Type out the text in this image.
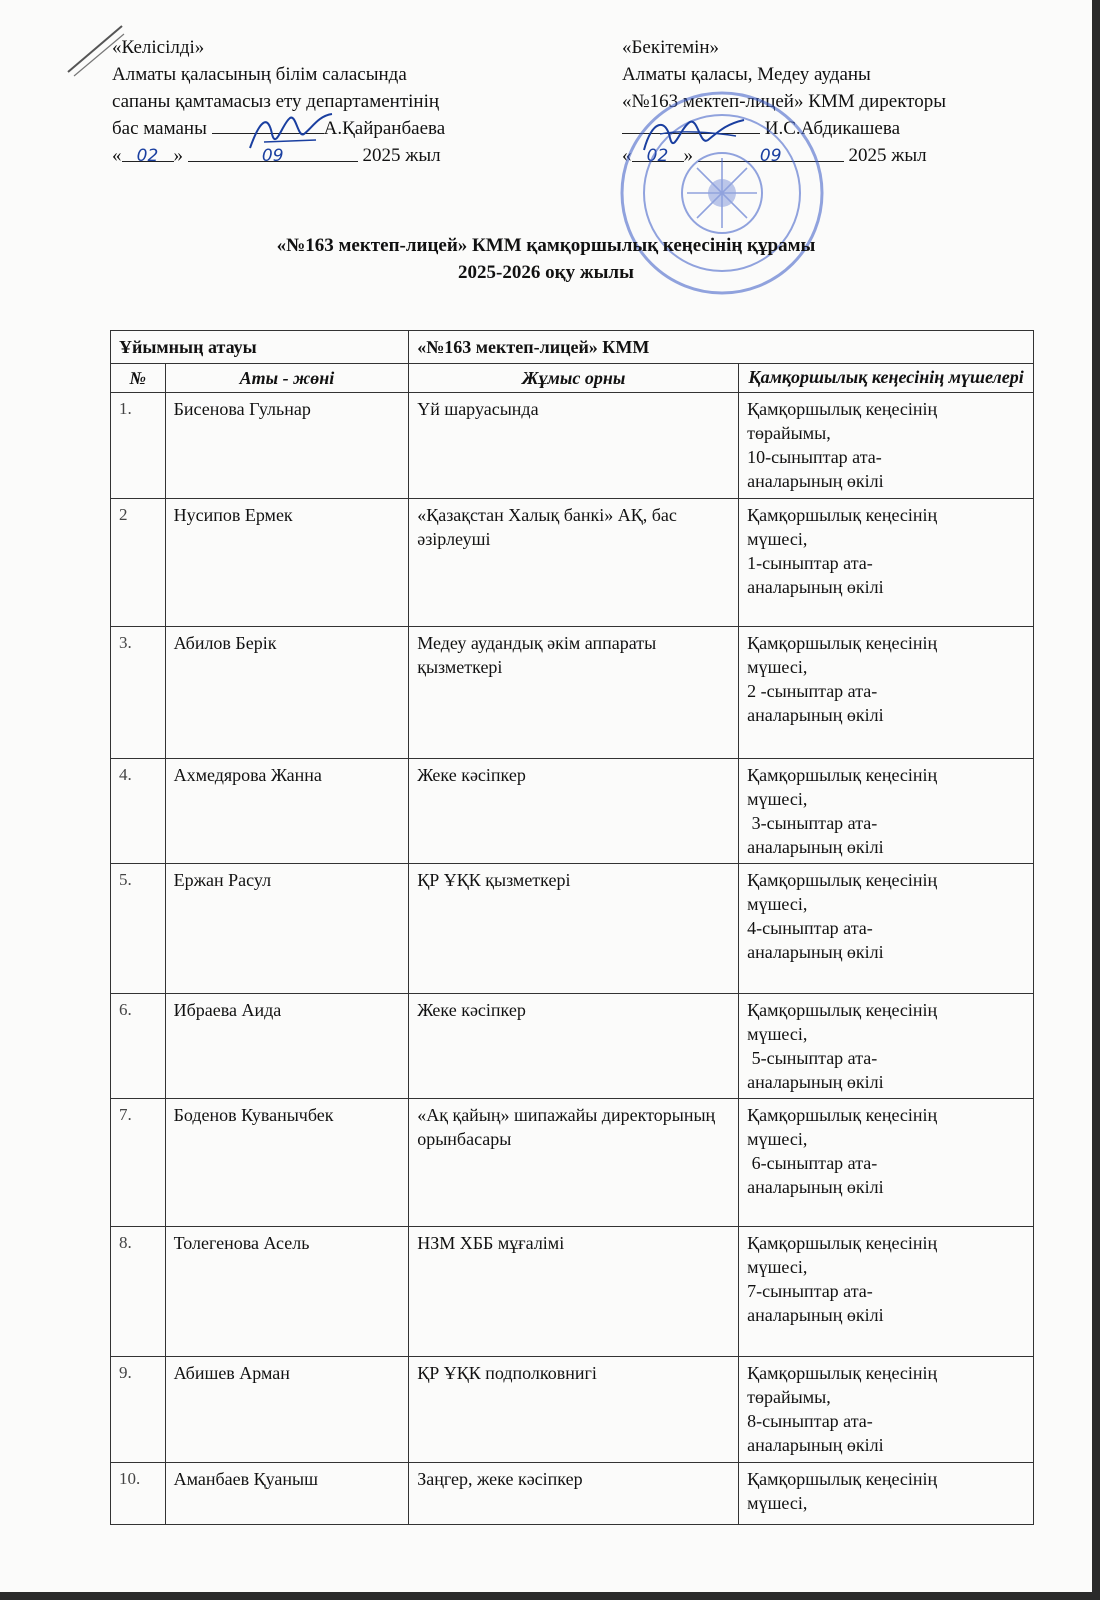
«Келісілді»
Алматы қаласының білім саласында
сапаны қамтамасыз ету департаментінің
бас маманы	А.Қайранбаева
« 02 »	09	2025 жыл
«Бекітемін»
Алматы қаласы, Медеу ауданы
«№163 мектеп-лицей» КММ директоры
И.С.Абдикашева
« 02 »	09	2025 жыл
«№163 мектеп-лицей» КММ қамқоршылық кеңесінің құрамы
2025-2026 оқу жылы
Ұйымның атауы		«№163 мектеп-лицей» КММ	
№	Аты - жөні	Жұмыс орны	Қамқоршылық кеңесінің мүшелері
1.	Бисенова Гульнар	Үй шаруасында	Қамқоршылық кеңесінің
төрайымы,
10-сыныптар ата-
аналарының өкілі

2	Нусипов Ермек	«Қазақстан Халық банкі» АҚ, бас әзірлеуші	Қамқоршылық кеңесінің
мүшесі,
1-сыныптар ата-
аналарының өкілі

3.	Абилов Берік	Медеу аудандық әкім аппараты қызметкері	Қамқоршылық кеңесінің
мүшесі,
2 -сыныптар ата-
аналарының өкілі

4.	Ахмедярова Жанна	Жеке кәсіпкер	Қамқоршылық кеңесінің
мүшесі,
3-сыныптар ата-
аналарының өкілі

5.	Ержан Расул	ҚР ҰҚК қызметкері	Қамқоршылық кеңесінің
мүшесі,
4-сыныптар ата-
аналарының өкілі

6.	Ибраева Аида	Жеке кәсіпкер	Қамқоршылық кеңесінің
мүшесі,
5-сыныптар ата-
аналарының өкілі

7.	Боденов Куванычбек	«Ақ қайың» шипажайы директорының орынбасары	Қамқоршылық кеңесінің
мүшесі,
6-сыныптар ата-
аналарының өкілі

8.	Толегенова Асель	НЗМ ХББ мұғалімі	Қамқоршылық кеңесінің
мүшесі,
7-сыныптар ата-
аналарының өкілі

9.	Абишев Арман	ҚР ҰҚК подполковнигі	Қамқоршылық кеңесінің
төрайымы,
8-сыныптар ата-
аналарының өкілі

10.	Аманбаев Қуаныш	Заңгер, жеке кәсіпкер	Қамқоршылық кеңесінің
мүшесі,
